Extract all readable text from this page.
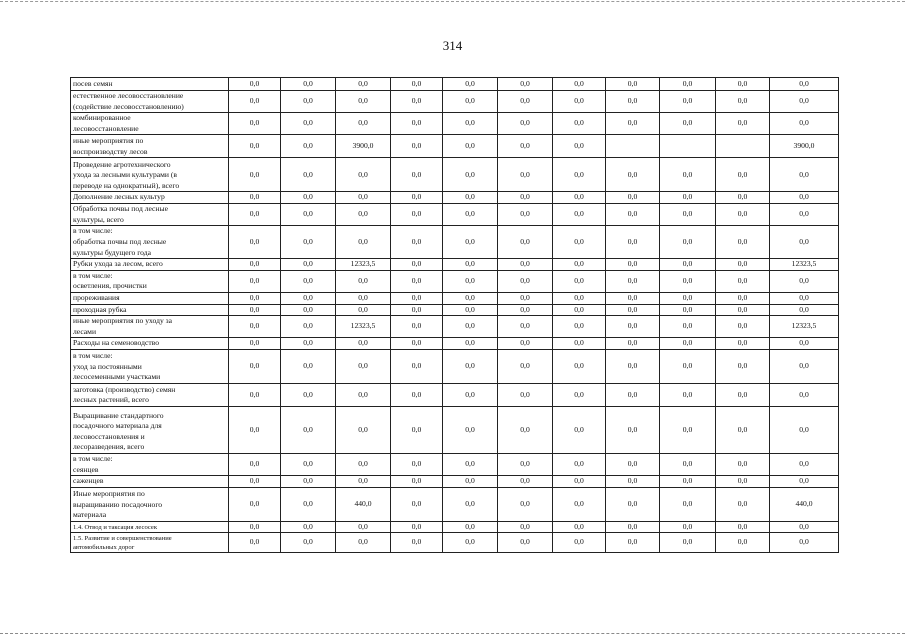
314
посев семян	0,0	0,0	0,0	0,0	0,0	0,0	0,0	0,0	0,0	0,0	0,0
естественное лесовосстановление
(содействие лесовосстановлению)	0,0	0,0	0,0	0,0	0,0	0,0	0,0	0,0	0,0	0,0	0,0
комбинированное
лесовосстановление	0,0	0,0	0,0	0,0	0,0	0,0	0,0	0,0	0,0	0,0	0,0
иные мероприятия по
воспроизводству лесов	0,0	0,0	3900,0	0,0	0,0	0,0	0,0				3900,0
Проведение агротехнического
ухода за лесными культурами (в
переводе на однократный), всего	0,0	0,0	0,0	0,0	0,0	0,0	0,0	0,0	0,0	0,0	0,0
Дополнение лесных культур	0,0	0,0	0,0	0,0	0,0	0,0	0,0	0,0	0,0	0,0	0,0
Обработка почвы под лесные
культуры, всего	0,0	0,0	0,0	0,0	0,0	0,0	0,0	0,0	0,0	0,0	0,0
в том числе:
обработка почвы под лесные
культуры будущего года	0,0	0,0	0,0	0,0	0,0	0,0	0,0	0,0	0,0	0,0	0,0
Рубки ухода за лесом, всего	0,0	0,0	12323,5	0,0	0,0	0,0	0,0	0,0	0,0	0,0	12323,5
в том числе:
осветления, прочистки	0,0	0,0	0,0	0,0	0,0	0,0	0,0	0,0	0,0	0,0	0,0
прореживания	0,0	0,0	0,0	0,0	0,0	0,0	0,0	0,0	0,0	0,0	0,0
проходная рубка	0,0	0,0	0,0	0,0	0,0	0,0	0,0	0,0	0,0	0,0	0,0
иные мероприятия по уходу за
лесами	0,0	0,0	12323,5	0,0	0,0	0,0	0,0	0,0	0,0	0,0	12323,5
Расходы на семеноводство	0,0	0,0	0,0	0,0	0,0	0,0	0,0	0,0	0,0	0,0	0,0
в том числе:
уход за постоянными
лесосеменными участками	0,0	0,0	0,0	0,0	0,0	0,0	0,0	0,0	0,0	0,0	0,0
заготовка (производство) семян
лесных растений, всего	0,0	0,0	0,0	0,0	0,0	0,0	0,0	0,0	0,0	0,0	0,0
Выращивание стандартного
посадочного материала для
лесовосстановления и
лесоразведения, всего	0,0	0,0	0,0	0,0	0,0	0,0	0,0	0,0	0,0	0,0	0,0
в том числе:
сеянцев	0,0	0,0	0,0	0,0	0,0	0,0	0,0	0,0	0,0	0,0	0,0
саженцев	0,0	0,0	0,0	0,0	0,0	0,0	0,0	0,0	0,0	0,0	0,0
Иные мероприятия по
выращиванию посадочного
материала	0,0	0,0	440,0	0,0	0,0	0,0	0,0	0,0	0,0	0,0	440,0
1.4. Отвод и таксация лесосек	0,0	0,0	0,0	0,0	0,0	0,0	0,0	0,0	0,0	0,0	0,0
1.5. Развитие и совершенствование
автомобильных дорог	0,0	0,0	0,0	0,0	0,0	0,0	0,0	0,0	0,0	0,0	0,0
